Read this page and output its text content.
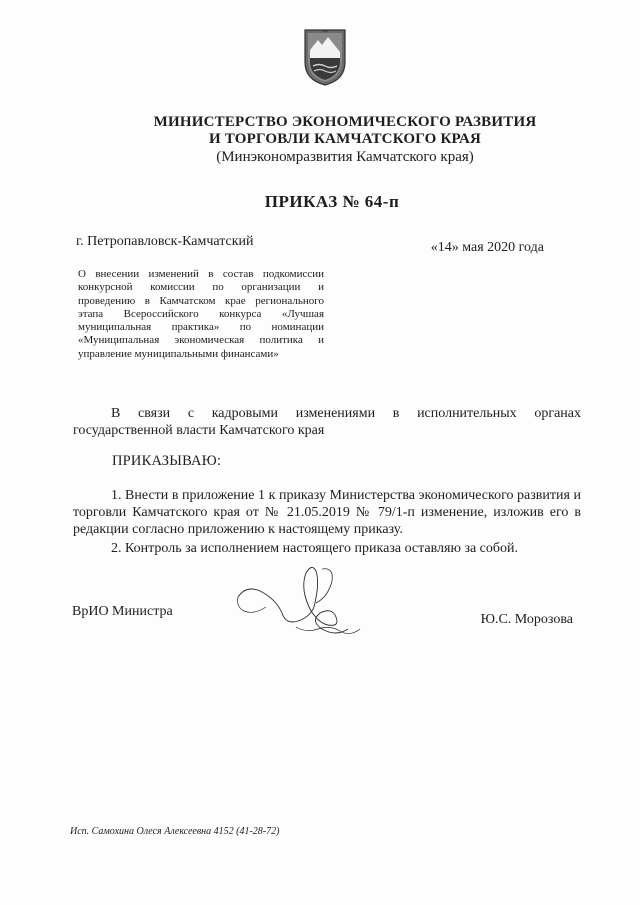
МИНИСТЕРСТВО ЭКОНОМИЧЕСКОГО РАЗВИТИЯ
И ТОРГОВЛИ КАМЧАТСКОГО КРАЯ
(Минэкономразвития Камчатского края)
ПРИКАЗ № 64-п
г. Петропавловск-Камчатский	«14» мая 2020 года
О внесении изменений в состав подкомиссии конкурсной комиссии по организации и проведению в Камчатском крае регионального этапа Всероссийского конкурса «Лучшая муниципальная практика» по номинации «Муниципальная экономическая политика и управление муниципальными финансами»
В связи с кадровыми изменениями в исполнительных органах государственной власти Камчатского края
ПРИКАЗЫВАЮ:
1. Внести в приложение 1 к приказу Министерства экономического развития и торговли Камчатского края от № 21.05.2019 № 79/1-п изменение, изложив его в редакции согласно приложению к настоящему приказу.
2. Контроль за исполнением настоящего приказа оставляю за собой.
ВрИО Министра
Ю.С. Морозова
Исп. Самохина Олеся Алексеевна 4152 (41-28-72)
